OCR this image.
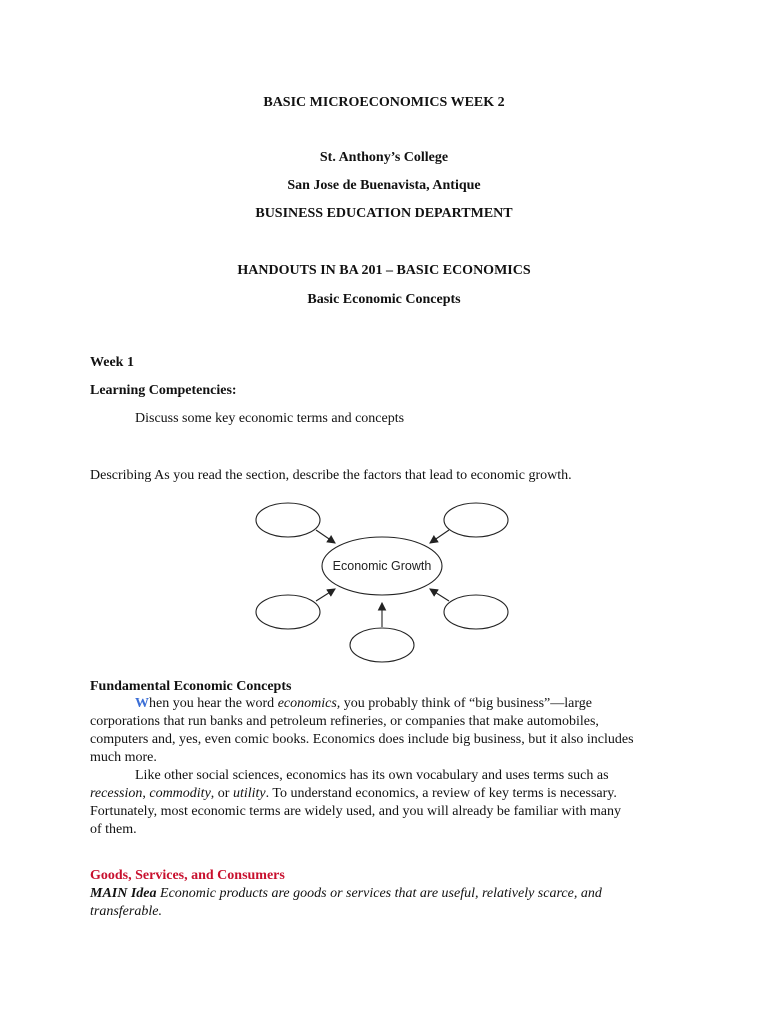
BASIC MICROECONOMICS WEEK 2
St. Anthony’s College
San Jose de Buenavista, Antique
BUSINESS EDUCATION DEPARTMENT
HANDOUTS IN BA 201 – BASIC ECONOMICS
Basic Economic Concepts
Week 1
Learning Competencies:
Discuss some key economic terms and concepts
Describing As you read the section, describe the factors that lead to economic growth.
Economic Growth
Fundamental Economic Concepts
When you hear the word economics, you probably think of “big business”—large
corporations that run banks and petroleum refineries, or companies that make automobiles,
computers and, yes, even comic books. Economics does include big business, but it also includes
much more.
Like other social sciences, economics has its own vocabulary and uses terms such as
recession, commodity, or utility. To understand economics, a review of key terms is necessary.
Fortunately, most economic terms are widely used, and you will already be familiar with many
of them.
Goods, Services, and Consumers
MAIN Idea Economic products are goods or services that are useful, relatively scarce, and
transferable.
